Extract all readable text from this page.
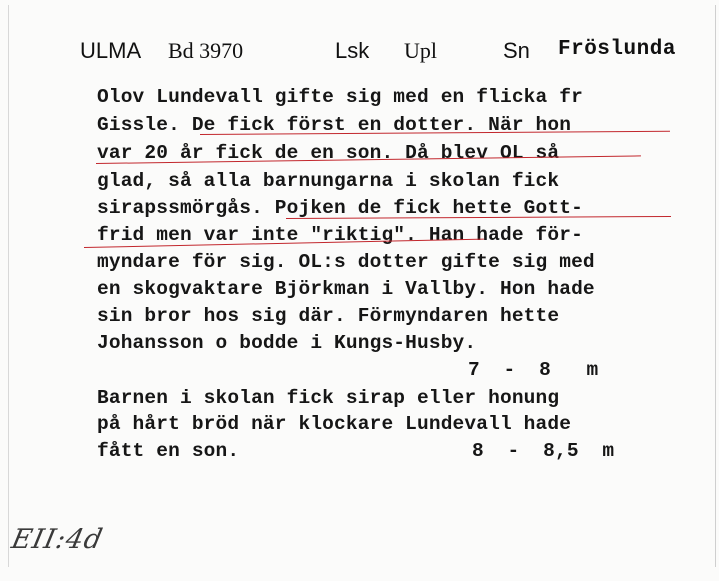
ULMA Bd 3970	Lsk Upl	Sn Fröslunda
Olov Lundevall gifte sig med en flicka fr
Gissle. De fick först en dotter. När hon
var 20 år fick de en son. Då blev OL så
glad, så alla barnungarna i skolan fick
sirapssmörgås. Pojken de fick hette Gott-
frid men var inte "riktig". Han hade för-
myndare för sig. OL:s dotter gifte sig med
en skogvaktare Björkman i Vallby. Hon hade
sin bror hos sig där. Förmyndaren hette
Johansson o bodde i Kungs-Husby.
7  -  8   m
Barnen i skolan fick sirap eller honung
på hårt bröd när klockare Lundevall hade
fått en son.	8  -  8,5  m
EII:4d
